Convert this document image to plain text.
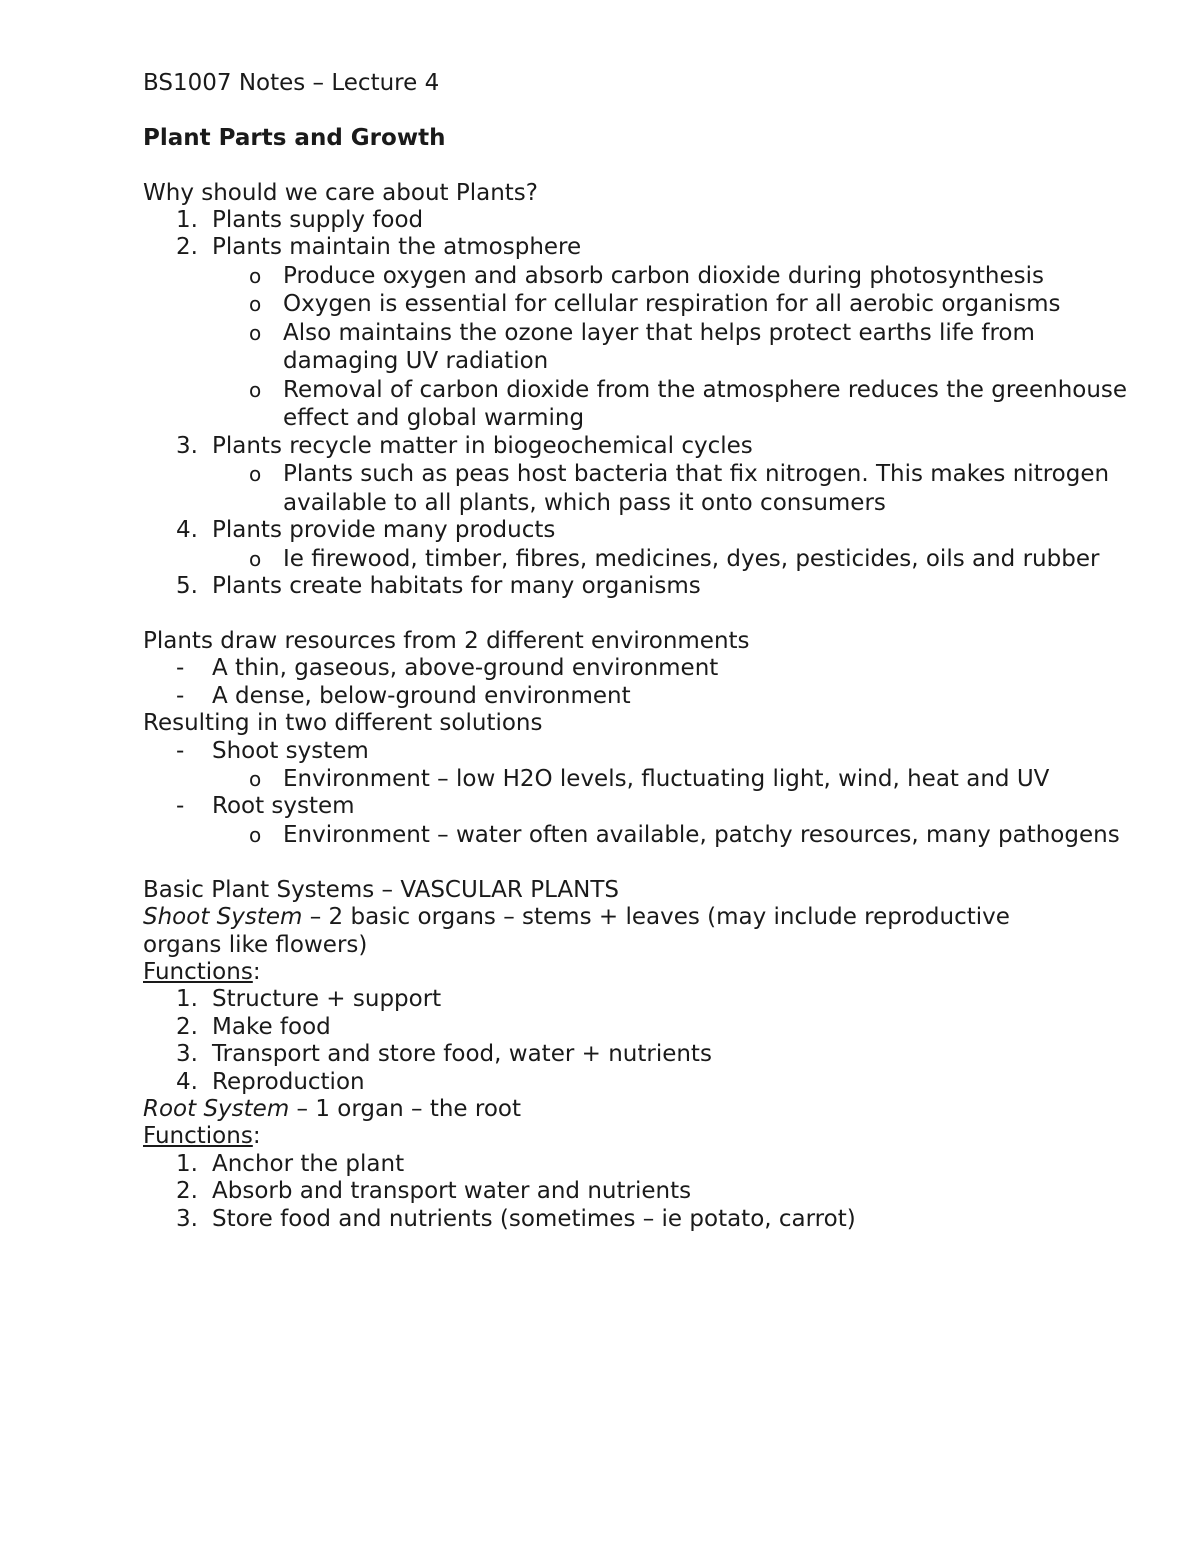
BS1007 Notes – Lecture 4
Plant Parts and Growth
Why should we care about Plants?
1. Plants supply food
2. Plants maintain the atmosphere
o Produce oxygen and absorb carbon dioxide during photosynthesis
o Oxygen is essential for cellular respiration for all aerobic organisms
o Also maintains the ozone layer that helps protect earths life from damaging UV radiation
o Removal of carbon dioxide from the atmosphere reduces the greenhouse effect and global warming
3. Plants recycle matter in biogeochemical cycles
o Plants such as peas host bacteria that fix nitrogen. This makes nitrogen available to all plants, which pass it onto consumers
4. Plants provide many products
o Ie firewood, timber, fibres, medicines, dyes, pesticides, oils and rubber
5. Plants create habitats for many organisms
Plants draw resources from 2 different environments
- A thin, gaseous, above-ground environment
- A dense, below-ground environment
Resulting in two different solutions
- Shoot system
o Environment – low H2O levels, fluctuating light, wind, heat and UV
- Root system
o Environment – water often available, patchy resources, many pathogens
Basic Plant Systems – VASCULAR PLANTS
Shoot System – 2 basic organs – stems + leaves (may include reproductive
organs like flowers)
Functions:
1. Structure + support
2. Make food
3. Transport and store food, water + nutrients
4. Reproduction
Root System – 1 organ – the root
Functions:
1. Anchor the plant
2. Absorb and transport water and nutrients
3. Store food and nutrients (sometimes – ie potato, carrot)
